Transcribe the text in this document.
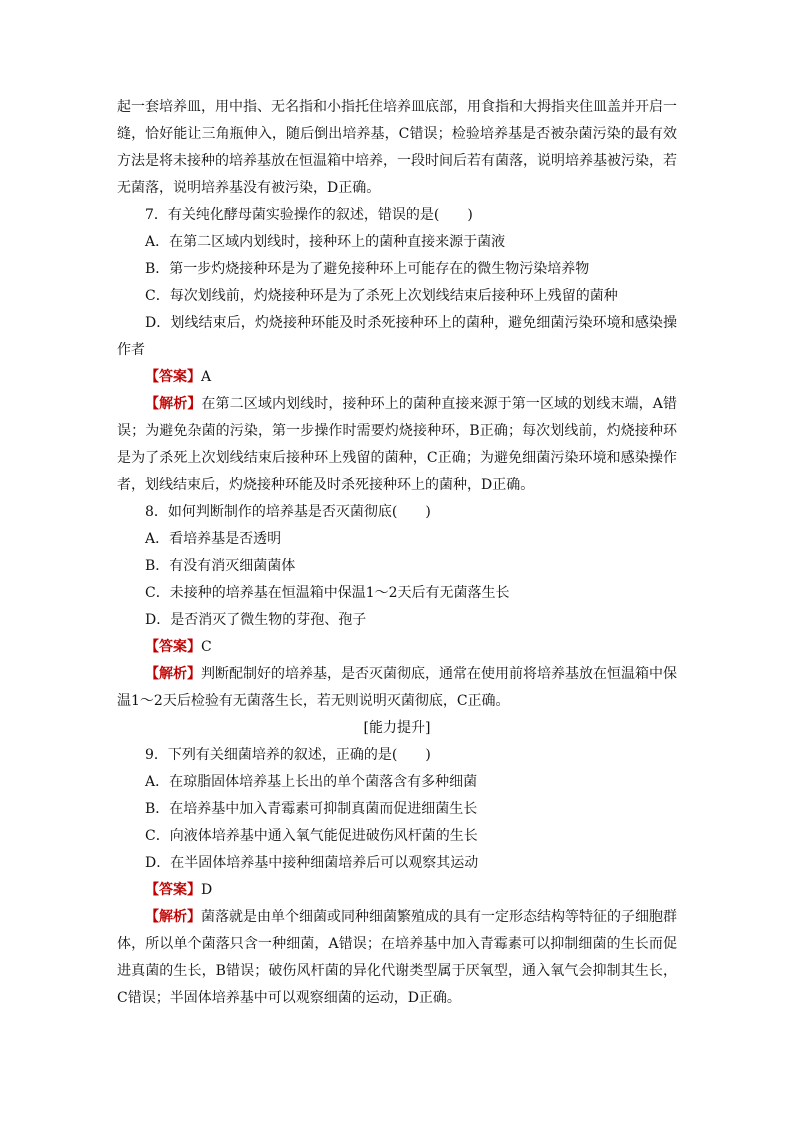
起一套培养皿，用中指、无名指和小指托住培养皿底部，用食指和大拇指夹住皿盖并开启一缝，恰好能让三角瓶伸入，随后倒出培养基，C错误；检验培养基是否被杂菌污染的最有效方法是将未接种的培养基放在恒温箱中培养，一段时间后若有菌落，说明培养基被污染，若无菌落，说明培养基没有被污染，D正确。

7．有关纯化酵母菌实验操作的叙述，错误的是(　　)

A．在第二区域内划线时，接种环上的菌种直接来源于菌液

B．第一步灼烧接种环是为了避免接种环上可能存在的微生物污染培养物

C．每次划线前，灼烧接种环是为了杀死上次划线结束后接种环上残留的菌种

D．划线结束后，灼烧接种环能及时杀死接种环上的菌种，避免细菌污染环境和感染操作者

【答案】A

【解析】在第二区域内划线时，接种环上的菌种直接来源于第一区域的划线末端，A错误；为避免杂菌的污染，第一步操作时需要灼烧接种环，B正确；每次划线前，灼烧接种环是为了杀死上次划线结束后接种环上残留的菌种，C正确；为避免细菌污染环境和感染操作者，划线结束后，灼烧接种环能及时杀死接种环上的菌种，D正确。

8．如何判断制作的培养基是否灭菌彻底(　　)

A．看培养基是否透明

B．有没有消灭细菌菌体

C．未接种的培养基在恒温箱中保温1～2天后有无菌落生长

D．是否消灭了微生物的芽孢、孢子

【答案】C

【解析】判断配制好的培养基，是否灭菌彻底，通常在使用前将培养基放在恒温箱中保温1～2天后检验有无菌落生长，若无则说明灭菌彻底，C正确。

[能力提升]

9．下列有关细菌培养的叙述，正确的是(　　)

A．在琼脂固体培养基上长出的单个菌落含有多种细菌

B．在培养基中加入青霉素可抑制真菌而促进细菌生长

C．向液体培养基中通入氧气能促进破伤风杆菌的生长

D．在半固体培养基中接种细菌培养后可以观察其运动

【答案】D

【解析】菌落就是由单个细菌或同种细菌繁殖成的具有一定形态结构等特征的子细胞群体，所以单个菌落只含一种细菌，A错误；在培养基中加入青霉素可以抑制细菌的生长而促进真菌的生长，B错误；破伤风杆菌的异化代谢类型属于厌氧型，通入氧气会抑制其生长，C错误；半固体培养基中可以观察细菌的运动，D正确。
